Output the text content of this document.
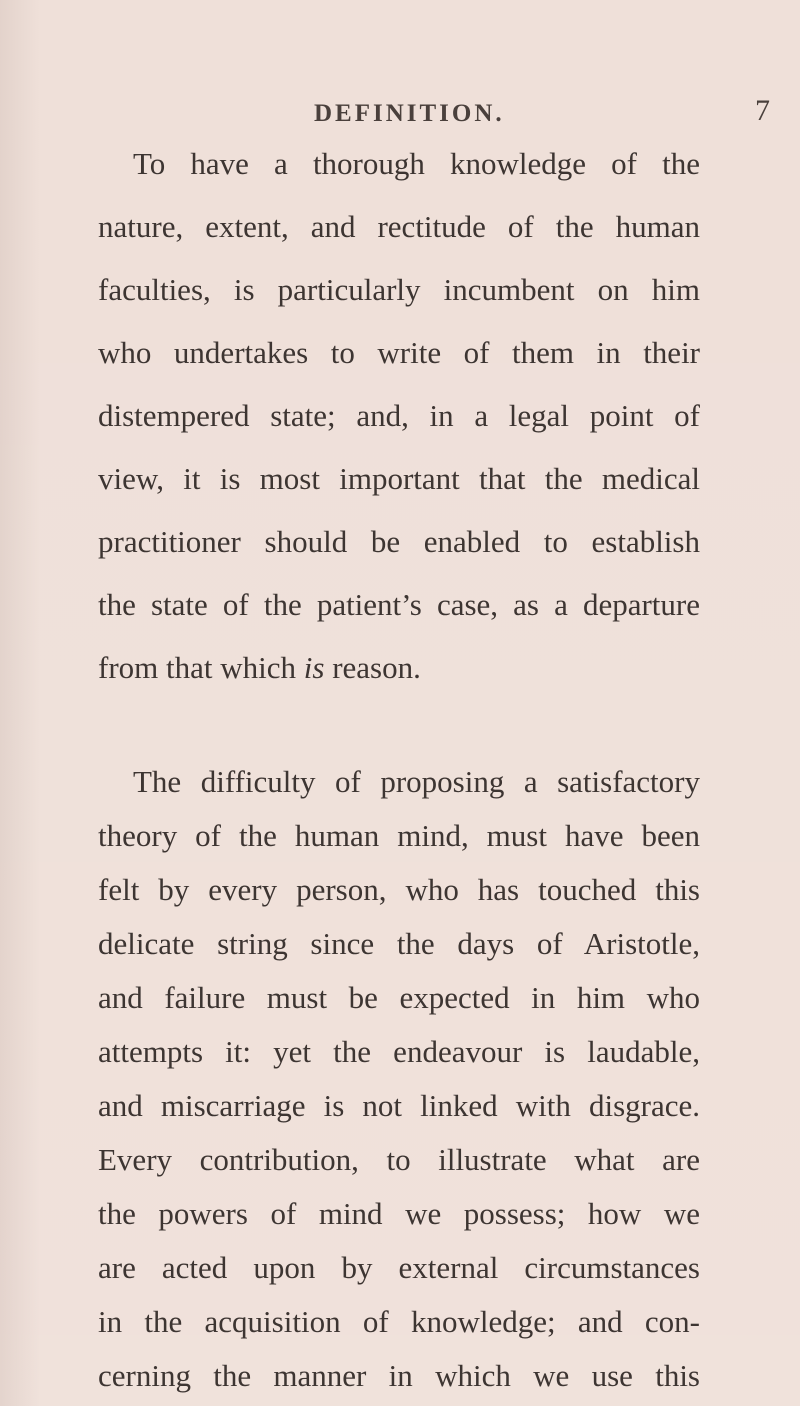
DEFINITION.	7
To have a thorough knowledge of the
nature, extent, and rectitude of the human
faculties, is particularly incumbent on him
who undertakes to write of them in their
distempered state; and, in a legal point of
view, it is most important that the medical
practitioner should be enabled to establish
the state of the patient’s case, as a departure
from that which is reason.
The difficulty of proposing a satisfactory
theory of the human mind, must have been
felt by every person, who has touched this
delicate string since the days of Aristotle,
and failure must be expected in him who
attempts it: yet the endeavour is laudable,
and miscarriage is not linked with disgrace.
Every contribution, to illustrate what are
the powers of mind we possess; how we
are acted upon by external circumstances
in the acquisition of knowledge; and con-
cerning the manner in which we use this
